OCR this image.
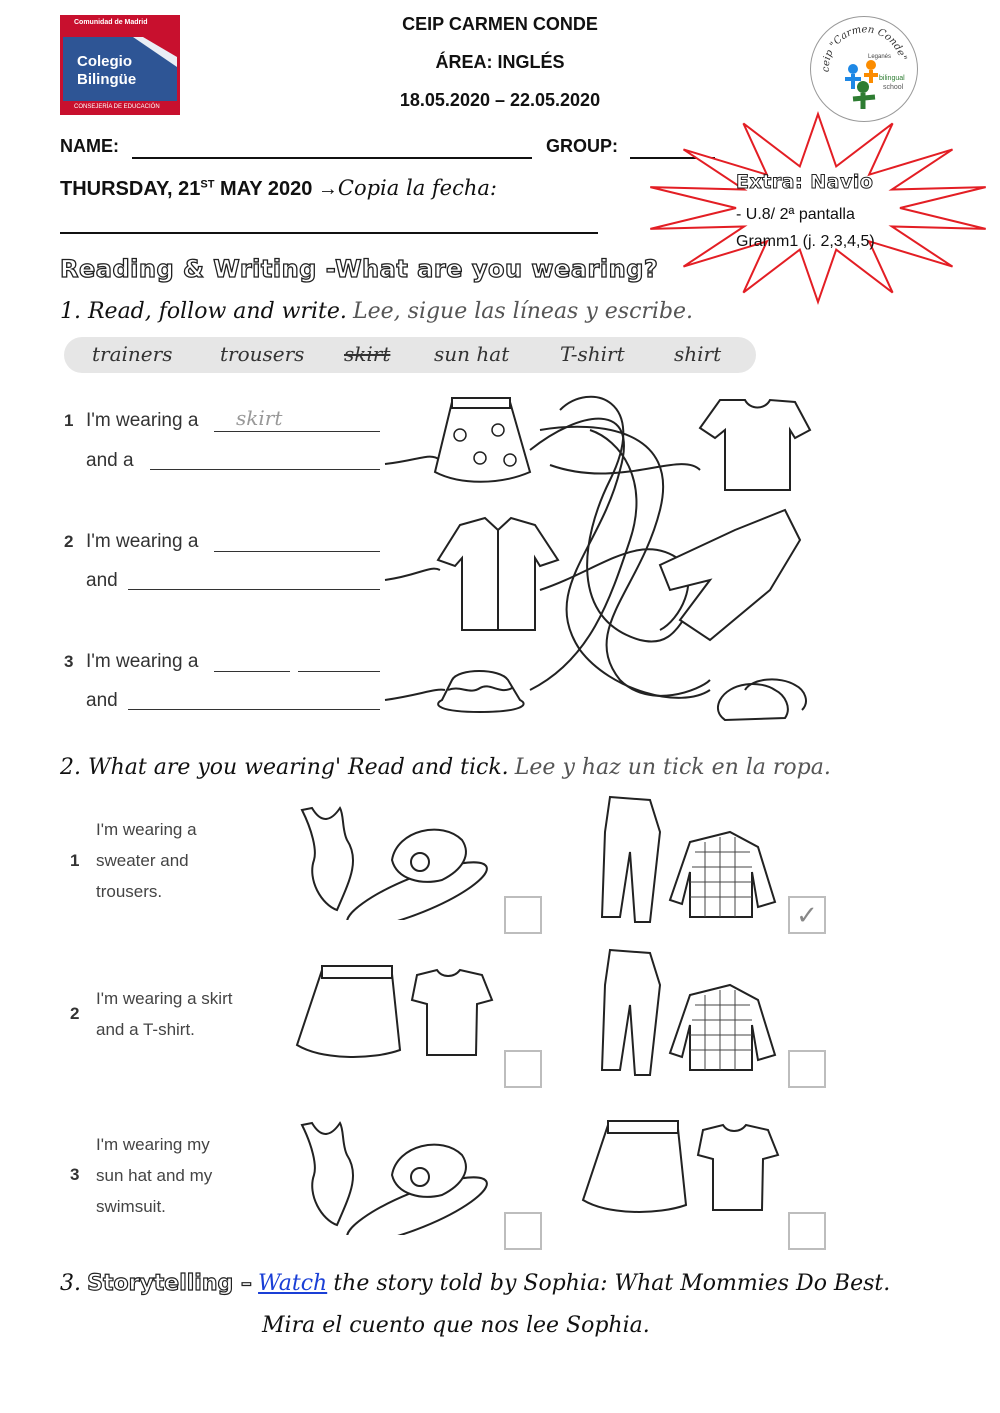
Comunidad de Madrid
Colegio Bilingüe
CONSEJERÍA DE EDUCACIÓN
CEIP CARMEN CONDE
ÁREA: INGLÉS
18.05.2020 – 22.05.2020
ceip "Carmen Conde"
Leganés
bilingual
school
NAME:	GROUP:
THURSDAY, 21ST MAY 2020 →Copia la fecha:	Extra: Navio
- U.8/ 2ª pantalla
Gramm1 (j. 2,3,4,5)
Reading & Writing -What are you wearing?
1. Read, follow and write. Lee, sigue las líneas y escribe.
trainers trousers skirt sun hat	T-shirt shirt
1 I'm wearing a skirt
and a
2 I'm wearing a
and
3 I'm wearing a
and
2. What are you wearing' Read and tick. Lee y haz un tick en la ropa.
1
I'm wearing a
sweater and
trousers.
✓
2
I'm wearing a skirt
and a T-shirt.
3
I'm wearing my
sun hat and my
swimsuit.
3. Storytelling – Watch the story told by Sophia: What Mommies Do Best.
Mira el cuento que nos lee Sophia.
